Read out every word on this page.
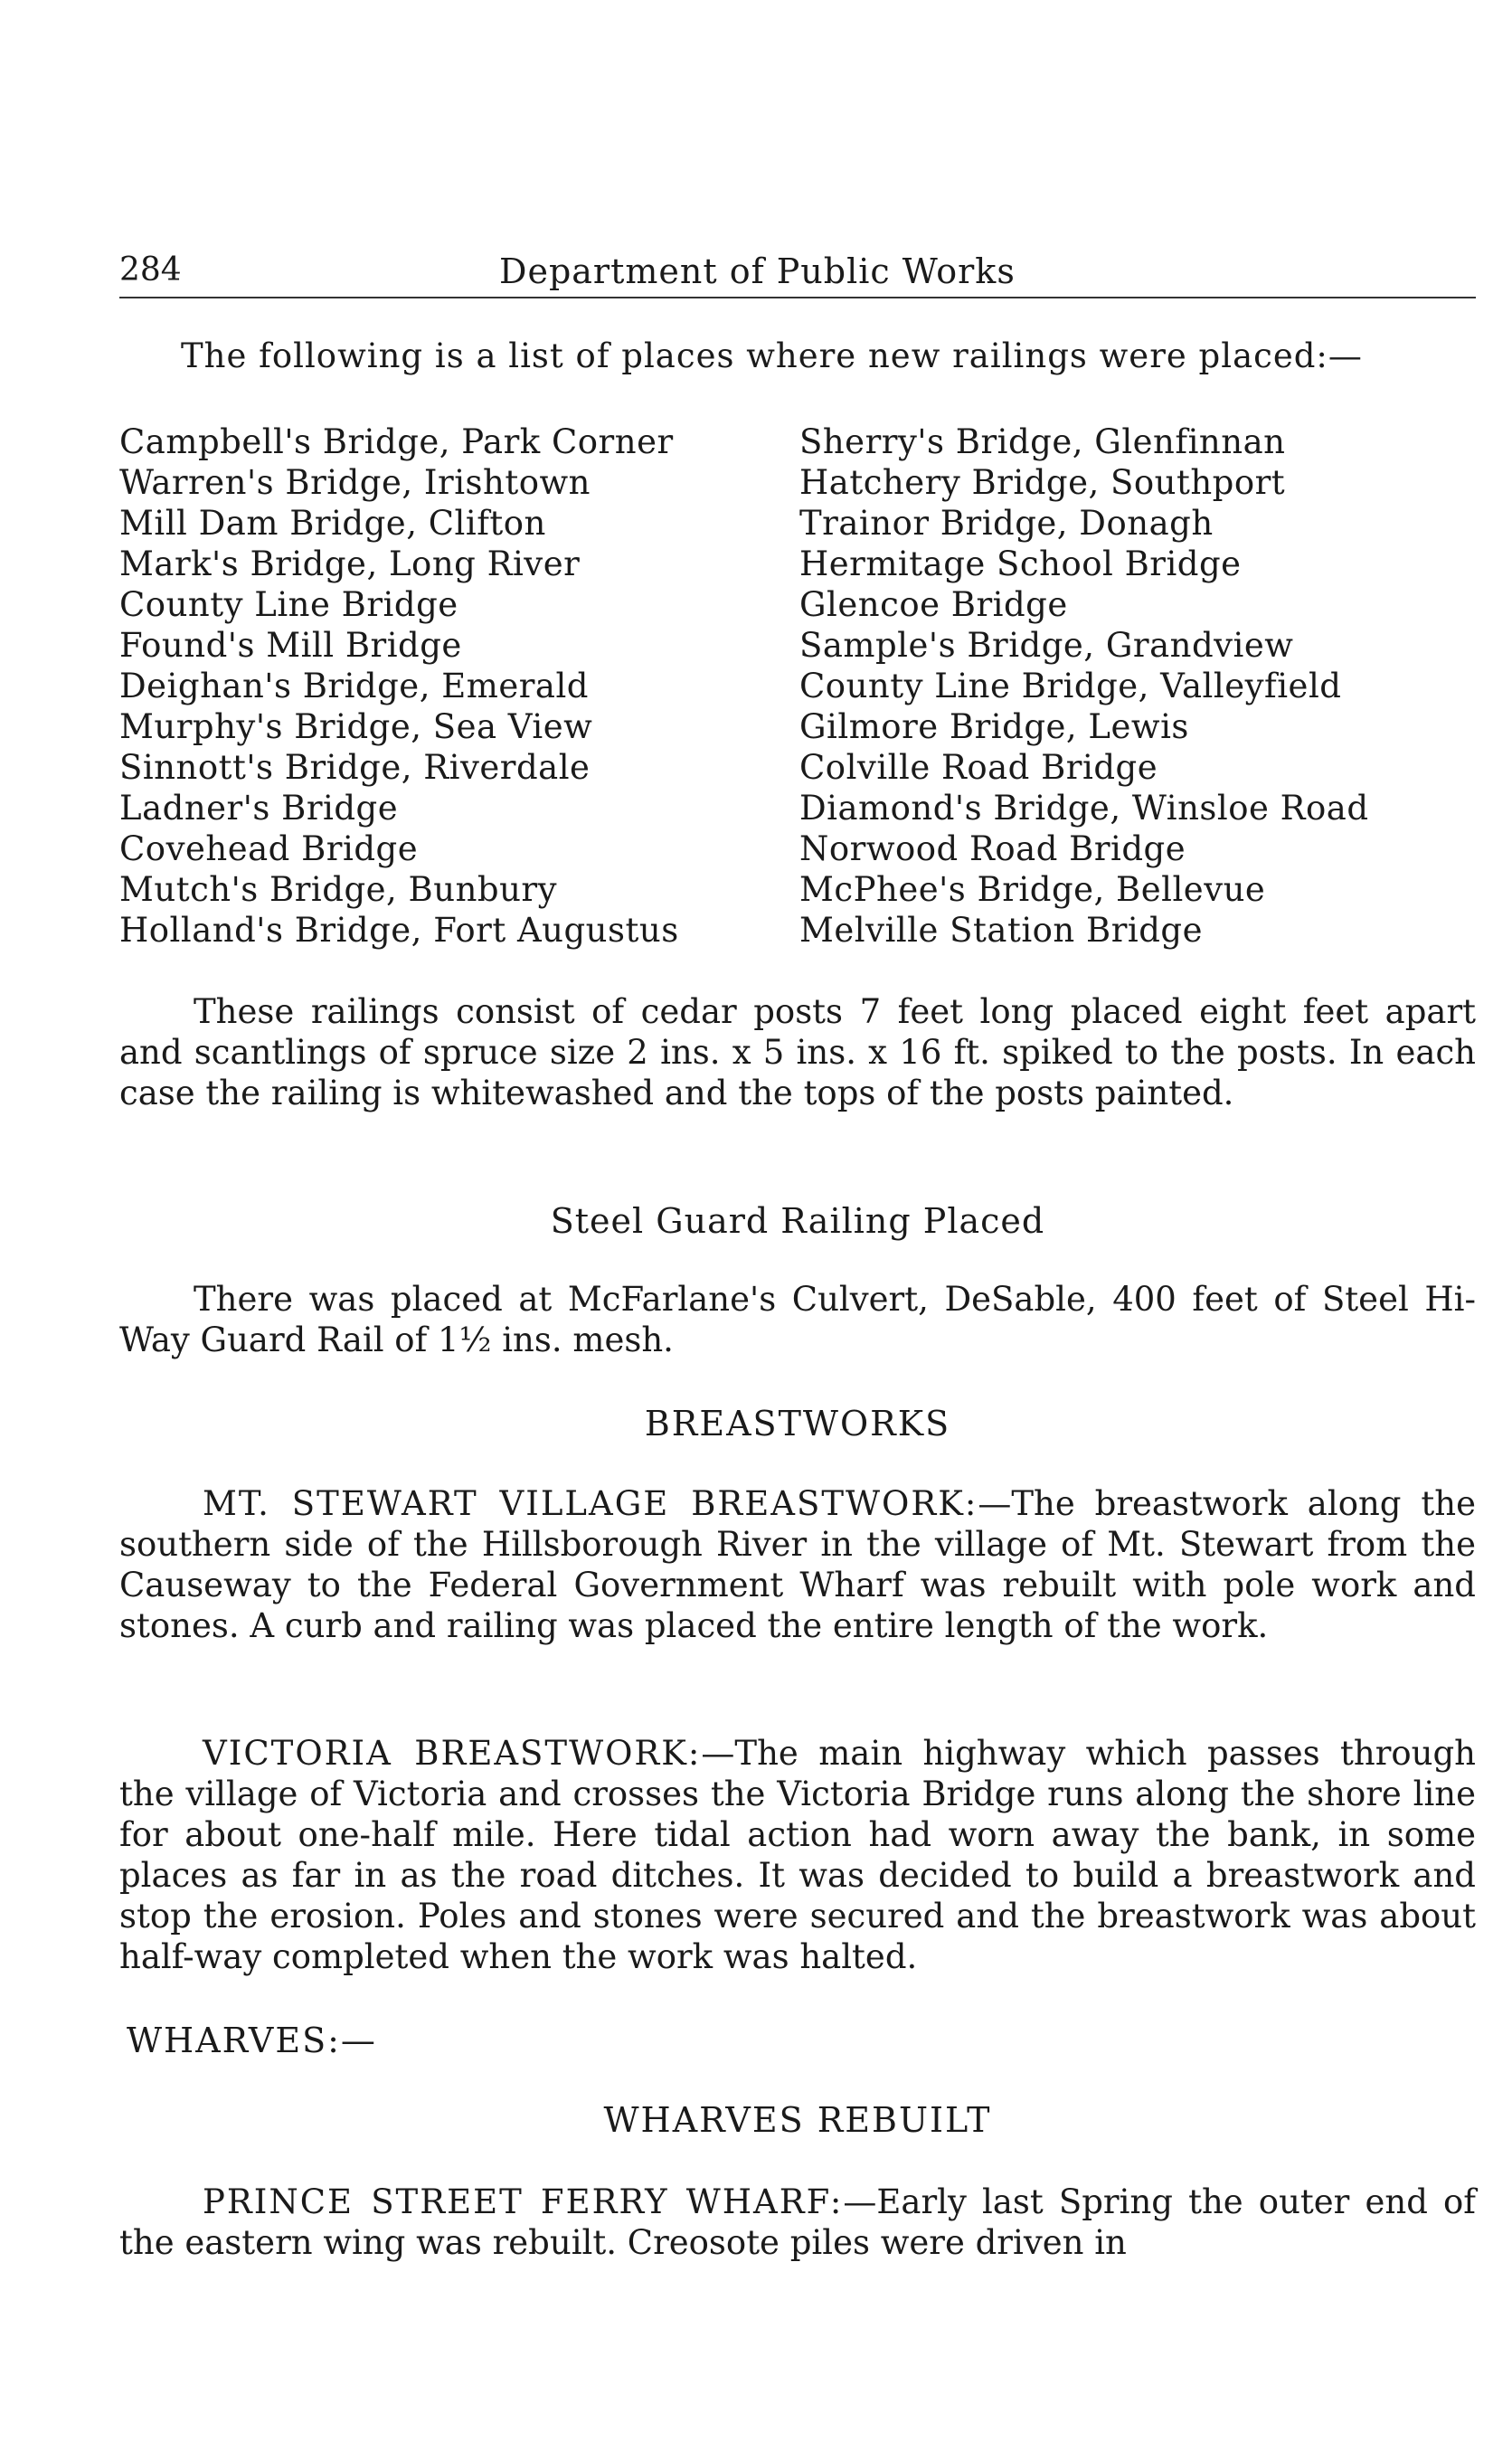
284	Department of Public Works
The following is a list of places where new railings were placed:—
Campbell's Bridge, Park Corner
Warren's Bridge, Irishtown
Mill Dam Bridge, Clifton
Mark's Bridge, Long River
County Line Bridge
Found's Mill Bridge
Deighan's Bridge, Emerald
Murphy's Bridge, Sea View
Sinnott's Bridge, Riverdale
Ladner's Bridge
Covehead Bridge
Mutch's Bridge, Bunbury
Holland's Bridge, Fort Augustus
Sherry's Bridge, Glenfinnan
Hatchery Bridge, Southport
Trainor Bridge, Donagh
Hermitage School Bridge
Glencoe Bridge
Sample's Bridge, Grandview
County Line Bridge, Valleyfield
Gilmore Bridge, Lewis
Colville Road Bridge
Diamond's Bridge, Winsloe Road
Norwood Road Bridge
McPhee's Bridge, Bellevue
Melville Station Bridge

These railings consist of cedar posts 7 feet long placed eight feet apart and scantlings of spruce size 2 ins. x 5 ins. x 16 ft. spiked to the posts. In each case the railing is whitewashed and the tops of the posts painted.

Steel Guard Railing Placed

There was placed at McFarlane's Culvert, DeSable, 400 feet of Steel Hi-Way Guard Rail of 1½ ins. mesh.

BREASTWORKS

MT. STEWART VILLAGE BREASTWORK:—The breastwork along the southern side of the Hillsborough River in the village of Mt. Stewart from the Causeway to the Federal Government Wharf was rebuilt with pole work and stones. A curb and railing was placed the entire length of the work.

VICTORIA BREASTWORK:—The main highway which passes through the village of Victoria and crosses the Victoria Bridge runs along the shore line for about one-half mile. Here tidal action had worn away the bank, in some places as far in as the road ditches. It was decided to build a breastwork and stop the erosion. Poles and stones were secured and the breastwork was about half-way completed when the work was halted.

WHARVES:—
WHARVES REBUILT

PRINCE STREET FERRY WHARF:—Early last Spring the outer end of the eastern wing was rebuilt. Creosote piles were driven in
